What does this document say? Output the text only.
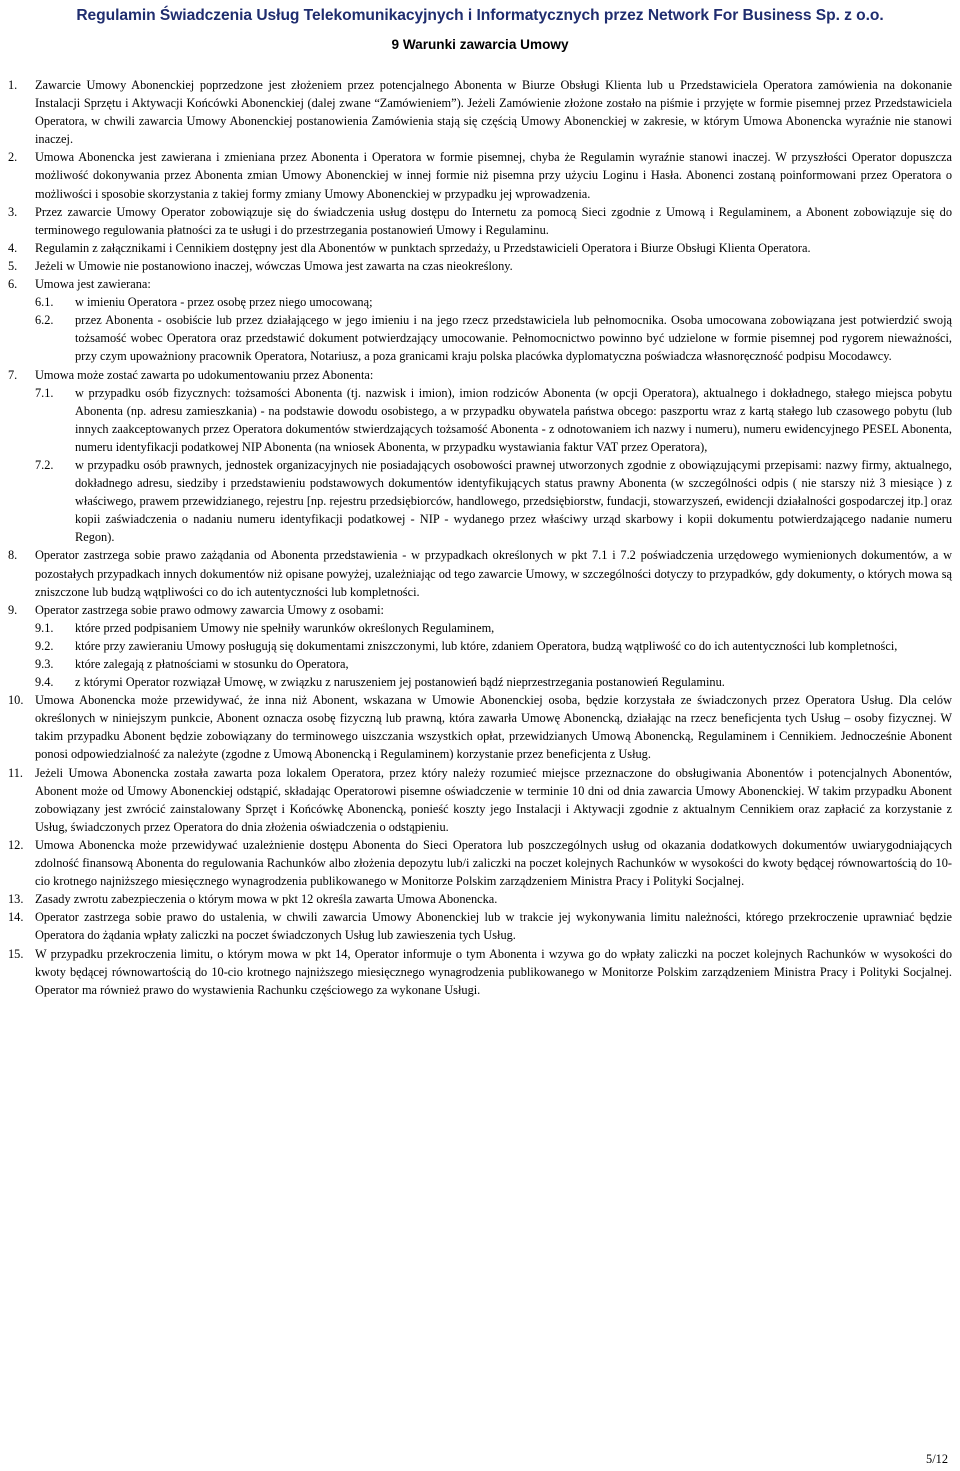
Regulamin Świadczenia Usług Telekomunikacyjnych i Informatycznych przez Network For Business Sp. z o.o.
9 Warunki zawarcia Umowy
1.	Zawarcie Umowy Abonenckiej poprzedzone jest złożeniem przez potencjalnego Abonenta w Biurze Obsługi Klienta lub u Przedstawiciela Operatora zamówienia na dokonanie Instalacji Sprzętu i Aktywacji Końcówki Abonenckiej (dalej zwane “Zamówieniem”). Jeżeli Zamówienie złożone zostało na piśmie i przyjęte w formie pisemnej przez Przedstawiciela Operatora, w chwili zawarcia Umowy Abonenckiej postanowienia Zamówienia stają się częścią Umowy Abonenckiej w zakresie, w którym Umowa Abonencka wyraźnie nie stanowi inaczej.
2.	Umowa Abonencka jest zawierana i zmieniana przez Abonenta i Operatora w formie pisemnej, chyba że Regulamin wyraźnie stanowi inaczej. W przyszłości Operator dopuszcza możliwość dokonywania przez Abonenta zmian Umowy Abonenckiej w innej formie niż pisemna przy użyciu Loginu i Hasła. Abonenci zostaną poinformowani przez Operatora o możliwości i sposobie skorzystania z takiej formy zmiany Umowy Abonenckiej w przypadku jej wprowadzenia.
3.	Przez zawarcie Umowy Operator zobowiązuje się do świadczenia usług dostępu do Internetu za pomocą Sieci zgodnie z Umową i Regulaminem, a Abonent zobowiązuje się do terminowego regulowania płatności za te usługi i do przestrzegania postanowień Umowy i Regulaminu.
4.	Regulamin z załącznikami i Cennikiem dostępny jest dla Abonentów w punktach sprzedaży, u Przedstawicieli Operatora i Biurze Obsługi Klienta Operatora.
5.	Jeżeli w Umowie nie postanowiono inaczej, wówczas Umowa jest zawarta na czas nieokreślony.
6.	Umowa jest zawierana:
6.1.	w imieniu Operatora - przez osobę przez niego umocowaną;
6.2.	przez Abonenta - osobiście lub przez działającego w jego imieniu i na jego rzecz przedstawiciela lub pełnomocnika. Osoba umocowana zobowiązana jest potwierdzić swoją tożsamość wobec Operatora oraz przedstawić dokument potwierdzający umocowanie. Pełnomocnictwo powinno być udzielone w formie pisemnej pod rygorem nieważności, przy czym upoważniony pracownik Operatora, Notariusz, a poza granicami kraju polska placówka dyplomatyczna poświadcza własnoręczność podpisu Mocodawcy.
7.	Umowa może zostać zawarta po udokumentowaniu przez Abonenta:
7.1.	w przypadku osób fizycznych: tożsamości Abonenta (tj. nazwisk i imion), imion rodziców Abonenta (w opcji Operatora), aktualnego i dokładnego, stałego miejsca pobytu Abonenta (np. adresu zamieszkania) - na podstawie dowodu osobistego, a w przypadku obywatela państwa obcego: paszportu wraz z kartą stałego lub czasowego pobytu (lub innych zaakceptowanych przez Operatora dokumentów stwierdzających tożsamość Abonenta - z odnotowaniem ich nazwy i numeru), numeru ewidencyjnego PESEL Abonenta, numeru identyfikacji podatkowej NIP Abonenta (na wniosek Abonenta, w przypadku wystawiania faktur VAT przez Operatora),
7.2.	w przypadku osób prawnych, jednostek organizacyjnych nie posiadających osobowości prawnej utworzonych zgodnie z obowiązującymi przepisami: nazwy firmy, aktualnego, dokładnego adresu, siedziby i przedstawieniu podstawowych dokumentów identyfikujących status prawny Abonenta (w szczególności odpis ( nie starszy niż 3 miesiące ) z właściwego, prawem przewidzianego, rejestru [np. rejestru przedsiębiorców, handlowego, przedsiębiorstw, fundacji, stowarzyszeń, ewidencji działalności gospodarczej itp.] oraz kopii zaświadczenia o nadaniu numeru identyfikacji podatkowej - NIP - wydanego przez właściwy urząd skarbowy i kopii dokumentu potwierdzającego nadanie numeru Regon).
8.	Operator zastrzega sobie prawo zażądania od Abonenta przedstawienia - w przypadkach określonych w pkt 7.1 i 7.2 poświadczenia urzędowego wymienionych dokumentów, a w pozostałych przypadkach innych dokumentów niż opisane powyżej, uzależniając od tego zawarcie Umowy, w szczególności dotyczy to przypadków, gdy dokumenty, o których mowa są zniszczone lub budzą wątpliwości co do ich autentyczności lub kompletności.
9.	Operator zastrzega sobie prawo odmowy zawarcia Umowy z osobami:
9.1.	które przed podpisaniem Umowy nie spełniły warunków określonych Regulaminem,
9.2.	które przy zawieraniu Umowy posługują się dokumentami zniszczonymi, lub które, zdaniem Operatora, budzą wątpliwość co do ich autentyczności lub kompletności,
9.3.	które zalegają z płatnościami w stosunku do Operatora,
9.4.	z którymi Operator rozwiązał Umowę, w związku z naruszeniem jej postanowień bądź nieprzestrzegania postanowień Regulaminu.
10. Umowa Abonencka może przewidywać, że inna niż Abonent, wskazana w Umowie Abonenckiej osoba, będzie korzystała ze świadczonych przez Operatora Usług. Dla celów określonych w niniejszym punkcie, Abonent oznacza osobę fizyczną lub prawną, która zawarła Umowę Abonencką, działając na rzecz beneficjenta tych Usług – osoby fizycznej. W takim przypadku Abonent będzie zobowiązany do terminowego uiszczania wszystkich opłat, przewidzianych Umową Abonencką, Regulaminem i Cennikiem. Jednocześnie Abonent ponosi odpowiedzialność za należyte (zgodne z Umową Abonencką i Regulaminem) korzystanie przez beneficjenta z Usług.
11. Jeżeli Umowa Abonencka została zawarta poza lokalem Operatora, przez który należy rozumieć miejsce przeznaczone do obsługiwania Abonentów i potencjalnych Abonentów, Abonent może od Umowy Abonenckiej odstąpić, składając Operatorowi pisemne oświadczenie w terminie 10 dni od dnia zawarcia Umowy Abonenckiej. W takim przypadku Abonent zobowiązany jest zwrócić zainstalowany Sprzęt i Końcówkę Abonencką, ponieść koszty jego Instalacji i Aktywacji zgodnie z aktualnym Cennikiem oraz zapłacić za korzystanie z Usług, świadczonych przez Operatora do dnia złożenia oświadczenia o odstąpieniu.
12. Umowa Abonencka może przewidywać uzależnienie dostępu Abonenta do Sieci Operatora lub poszczególnych usług od okazania dodatkowych dokumentów uwiarygodniających zdolność finansową Abonenta do regulowania Rachunków albo złożenia depozytu lub/i zaliczki na poczet kolejnych Rachunków w wysokości do kwoty będącej równowartością do 10-cio krotnego najniższego miesięcznego wynagrodzenia publikowanego w Monitorze Polskim zarządzeniem Ministra Pracy i Polityki Socjalnej.
13. Zasady zwrotu zabezpieczenia o którym mowa w pkt 12 określa zawarta Umowa Abonencka.
14. Operator zastrzega sobie prawo do ustalenia, w chwili zawarcia Umowy Abonenckiej lub w trakcie jej wykonywania limitu należności, którego przekroczenie uprawniać będzie Operatora do żądania wpłaty zaliczki na poczet świadczonych Usług lub zawieszenia tych Usług.
15. W przypadku przekroczenia limitu, o którym mowa w pkt 14, Operator informuje o tym Abonenta i wzywa go do wpłaty zaliczki na poczet kolejnych Rachunków w wysokości do kwoty będącej równowartością do 10-cio krotnego najniższego miesięcznego wynagrodzenia publikowanego w Monitorze Polskim zarządzeniem Ministra Pracy i Polityki Socjalnej. Operator ma również prawo do wystawienia Rachunku częściowego za wykonane Usługi.
5/12
